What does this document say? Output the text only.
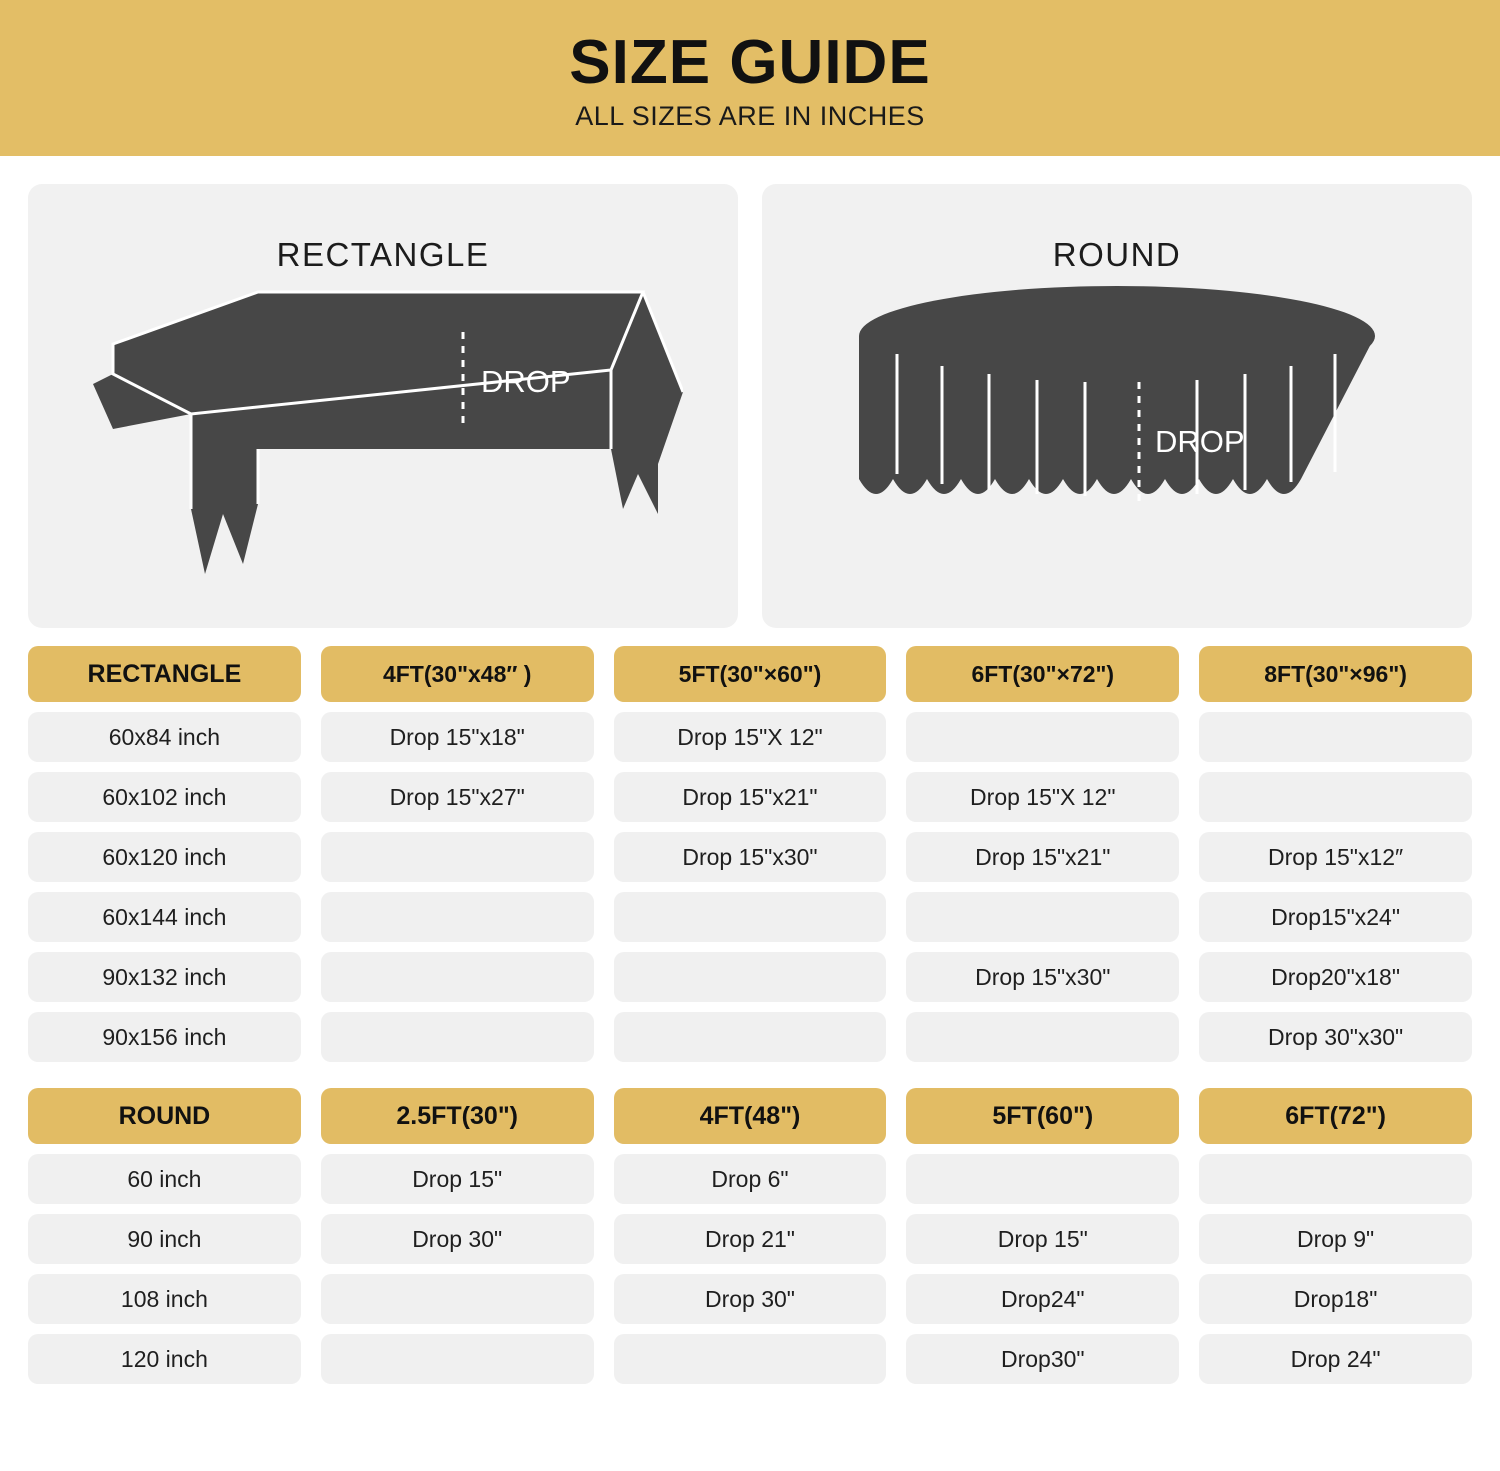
SIZE GUIDE
ALL SIZES ARE IN INCHES
RECTANGLE
DROP
ROUND
DROP
RECTANGLE
60x84 inch
60x102 inch
60x120 inch
60x144 inch
90x132 inch
90x156 inch
4FT(30"x48″ )
Drop 15"x18"
Drop 15"x27"
5FT(30"×60")
Drop 15"X 12"
Drop 15"x21"
Drop 15"x30"
6FT(30"×72")
Drop 15"X 12"
Drop 15"x21"
Drop 15"x30"
8FT(30"×96")
Drop 15"x12″
Drop15"x24"
Drop20"x18"
Drop 30"x30"
ROUND
60 inch
90 inch
108 inch
120 inch
2.5FT(30")
Drop 15"
Drop 30"
4FT(48")
Drop 6"
Drop 21"
Drop 30"
5FT(60")
Drop 15"
Drop24"
Drop30"
6FT(72")
Drop 9"
Drop18"
Drop 24"
